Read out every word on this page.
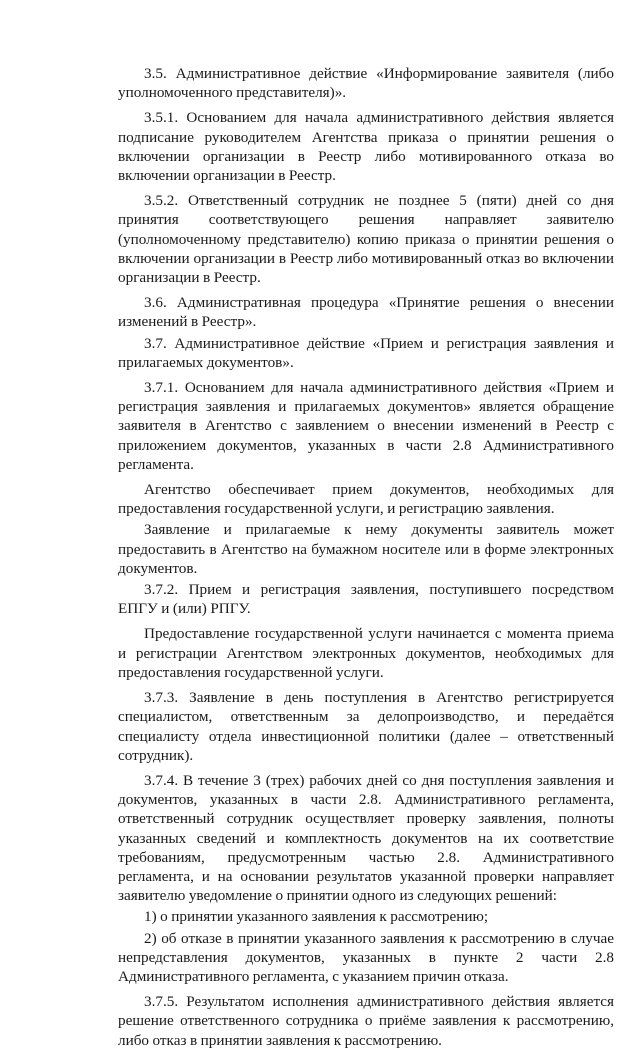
3.5. Административное действие «Информирование заявителя (либо уполномоченного представителя)».

3.5.1. Основанием для начала административного действия является подписание руководителем Агентства приказа о принятии решения о включении организации в Реестр либо мотивированного отказа во включении организации в Реестр.

3.5.2. Ответственный сотрудник не позднее 5 (пяти) дней со дня принятия соответствующего решения направляет заявителю (уполномоченному представителю) копию приказа о принятии решения о включении организации в Реестр либо мотивированный отказ во включении организации в Реестр.

3.6. Административная процедура «Принятие решения о внесении изменений в Реестр».

3.7. Административное действие «Прием и регистрация заявления и прилагаемых документов».

3.7.1. Основанием для начала административного действия «Прием и регистрация заявления и прилагаемых документов» является обращение заявителя в Агентство с заявлением о внесении изменений в Реестр с приложением документов, указанных в части 2.8 Административного регламента.

Агентство обеспечивает прием документов, необходимых для предоставления государственной услуги, и регистрацию заявления.

Заявление и прилагаемые к нему документы заявитель может предоставить в Агентство на бумажном носителе или в форме электронных документов.

3.7.2. Прием и регистрация заявления, поступившего посредством ЕПГУ и (или) РПГУ.

Предоставление государственной услуги начинается с момента приема и регистрации Агентством электронных документов, необходимых для предоставления государственной услуги.

3.7.3. Заявление в день поступления в Агентство регистрируется специалистом, ответственным за делопроизводство, и передаётся специалисту отдела инвестиционной политики (далее – ответственный сотрудник).

3.7.4. В течение 3 (трех) рабочих дней со дня поступления заявления и документов, указанных в части 2.8. Административного регламента, ответственный сотрудник осуществляет проверку заявления, полноты указанных сведений и комплектность документов на их соответствие требованиям, предусмотренным частью 2.8. Административного регламента, и на основании результатов указанной проверки направляет заявителю уведомление о принятии одного из следующих решений:

1) о принятии указанного заявления к рассмотрению;

2) об отказе в принятии указанного заявления к рассмотрению в случае непредставления документов, указанных в пункте 2 части 2.8 Административного регламента, с указанием причин отказа.

3.7.5. Результатом исполнения административного действия является решение ответственного сотрудника о приёме заявления к рассмотрению, либо отказ в принятии заявления к рассмотрению.
